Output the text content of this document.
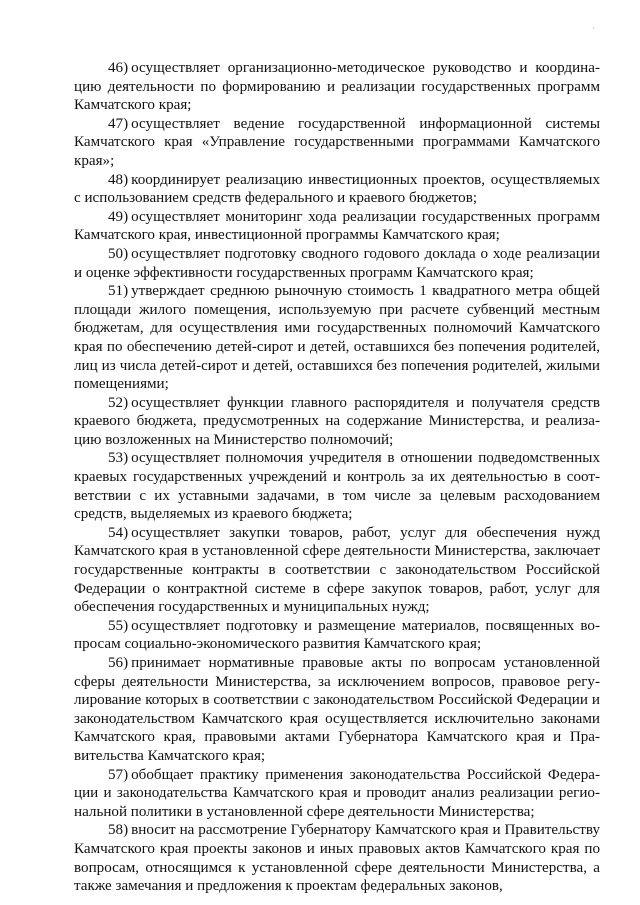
·

46) осуществляет организационно-методическое руководство и координацию деятельности по формированию и реализации государственных программ Камчатского края;

47) осуществляет ведение государственной информационной системы Камчатского края «Управление государственными программами Камчатского края»;

48) координирует реализацию инвестиционных проектов, осуществляемых с использованием средств федерального и краевого бюджетов;

49) осуществляет мониторинг хода реализации государственных программ Камчатского края, инвестиционной программы Камчатского края;

50) осуществляет подготовку сводного годового доклада о ходе реализации и оценке эффективности государственных программ Камчатского края;

51) утверждает среднюю рыночную стоимость 1 квадратного метра общей площади жилого помещения, используемую при расчете субвенций местным бюджетам, для осуществления ими государственных полномочий Камчатского края по обеспечению детей-сирот и детей, оставшихся без попечения родителей, лиц из числа детей-сирот и детей, оставшихся без попечения родителей, жилыми помещениями;

52) осуществляет функции главного распорядителя и получателя средств краевого бюджета, предусмотренных на содержание Министерства, и реализацию возложенных на Министерство полномочий;

53) осуществляет полномочия учредителя в отношении подведомственных краевых государственных учреждений и контроль за их деятельностью в соответствии с их уставными задачами, в том числе за целевым расходованием средств, выделяемых из краевого бюджета;

54) осуществляет закупки товаров, работ, услуг для обеспечения нужд Камчатского края в установленной сфере деятельности Министерства, заключает государственные контракты в соответствии с законодательством Российской Федерации о контрактной системе в сфере закупок товаров, работ, услуг для обеспечения государственных и муниципальных нужд;

55) осуществляет подготовку и размещение материалов, посвященных вопросам социально-экономического развития Камчатского края;

56) принимает нормативные правовые акты по вопросам установленной сферы деятельности Министерства, за исключением вопросов, правовое регулирование которых в соответствии с законодательством Российской Федерации и законодательством Камчатского края осуществляется исключительно законами Камчатского края, правовыми актами Губернатора Камчатского края и Правительства Камчатского края;

57) обобщает практику применения законодательства Российской Федерации и законодательства Камчатского края и проводит анализ реализации региональной политики в установленной сфере деятельности Министерства;

58) вносит на рассмотрение Губернатору Камчатского края и Правительству Камчатского края проекты законов и иных правовых актов Камчатского края по вопросам, относящимся к установленной сфере деятельности Министерства, а также замечания и предложения к проектам федеральных законов,
